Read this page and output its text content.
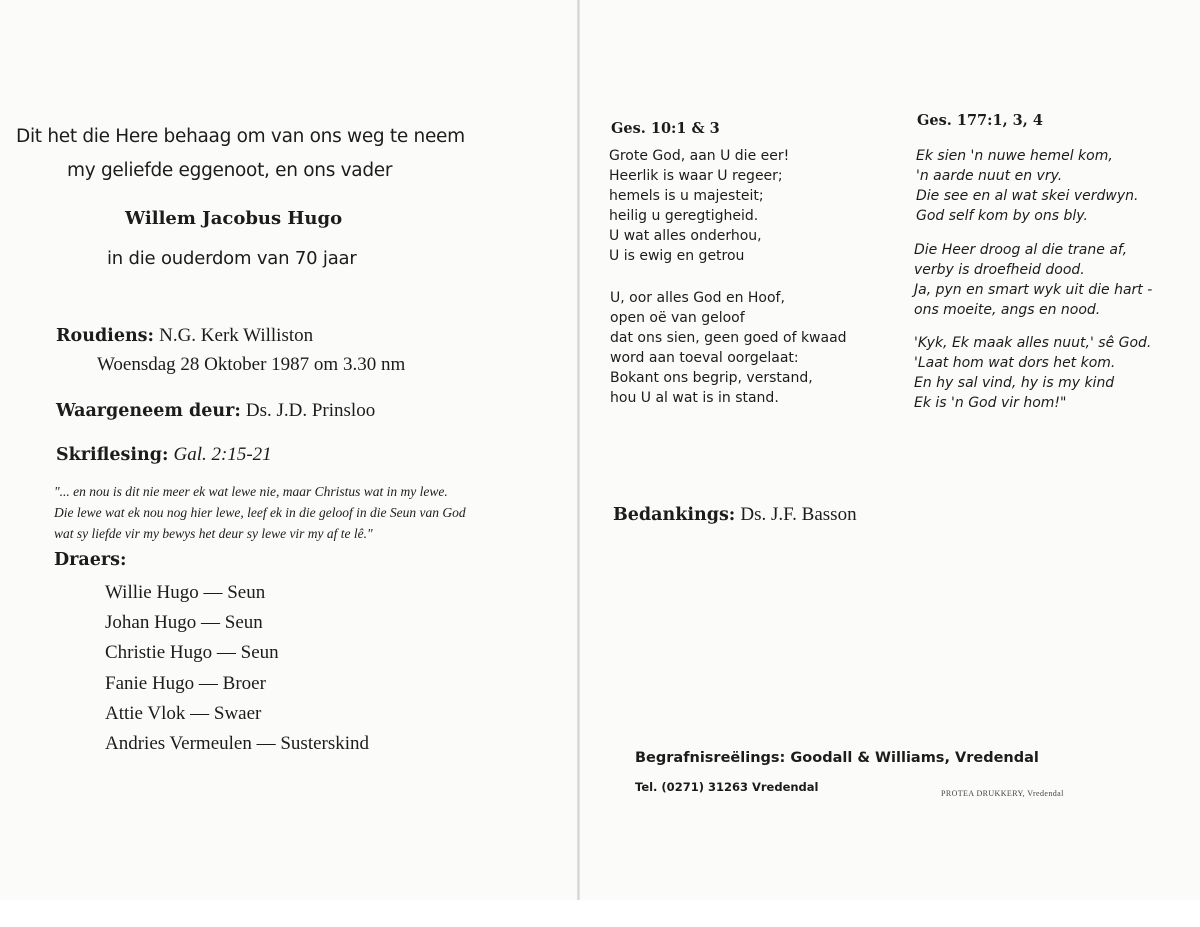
Dit het die Here behaag om van ons weg te neem
my geliefde eggenoot, en ons vader
Willem Jacobus Hugo
in die ouderdom van 70 jaar
Roudiens: N.G. Kerk Williston
Woensdag 28 Oktober 1987 om 3.30 nm
Waargeneem deur: Ds. J.D. Prinsloo
Skriflesing: Gal. 2:15-21
"... en nou is dit nie meer ek wat lewe nie, maar Christus wat in my lewe.
Die lewe wat ek nou nog hier lewe, leef ek in die geloof in die Seun van God
wat sy liefde vir my bewys het deur sy lewe vir my af te lê."
Draers:
Willie Hugo — Seun
Johan Hugo — Seun
Christie Hugo — Seun
Fanie Hugo — Broer
Attie Vlok — Swaer
Andries Vermeulen — Susterskind
Ges. 10:1 & 3
Grote God, aan U die eer!
Heerlik is waar U regeer;
hemels is u majesteit;
heilig u geregtigheid.
U wat alles onderhou,
U is ewig en getrou
U, oor alles God en Hoof,
open oë van geloof
dat ons sien, geen goed of kwaad
word aan toeval oorgelaat:
Bokant ons begrip, verstand,
hou U al wat is in stand.
Ges. 177:1, 3, 4
Ek sien 'n nuwe hemel kom,
'n aarde nuut en vry.
Die see en al wat skei verdwyn.
God self kom by ons bly.
Die Heer droog al die trane af,
verby is droefheid dood.
Ja, pyn en smart wyk uit die hart -
ons moeite, angs en nood.
'Kyk, Ek maak alles nuut,' sê God.
'Laat hom wat dors het kom.
En hy sal vind, hy is my kind
Ek is 'n God vir hom!"
Bedankings: Ds. J.F. Basson
Begrafnisreëlings: Goodall & Williams, Vredendal
Tel. (0271) 31263 Vredendal	PROTEA DRUKKERY, Vredendal
